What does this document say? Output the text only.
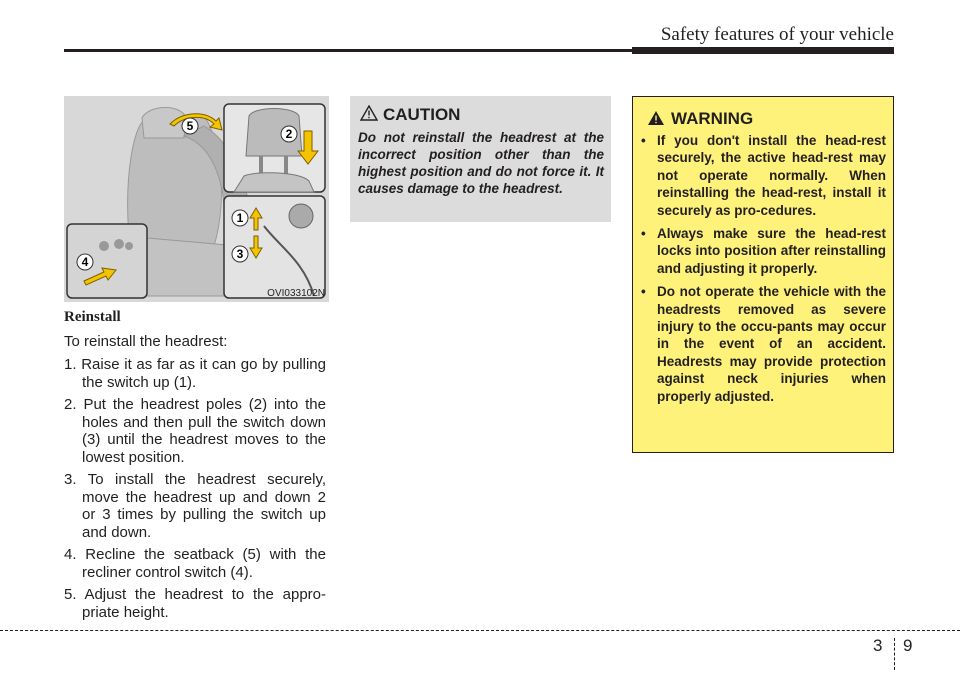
Safety features of your vehicle
5
2
1
3
4
OVI033102N
Reinstall
To reinstall the headrest:
1. Raise it as far as it can go by pulling the switch up (1).
2. Put the headrest poles (2) into the holes and then pull the switch down (3) until the headrest moves to the lowest position.
3. To install the headrest securely, move the headrest up and down 2 or 3 times by pulling the switch up and down.
4. Recline the seatback (5) with the recliner control switch (4).
5. Adjust the headrest to the appro-priate height.
CAUTION
Do not reinstall the headrest at the incorrect position other than the highest position and do not force it. It causes damage to the headrest.
WARNING
• If you don't install the head-rest securely, the active head-rest may not operate normally. When reinstalling the head-rest, install it securely as pro-cedures.
• Always make sure the head-rest locks into position after reinstalling and adjusting it properly.
• Do not operate the vehicle with the headrests removed as severe injury to the occu-pants may occur in the event of an accident. Headrests may provide protection against neck injuries when properly adjusted.
3 9
